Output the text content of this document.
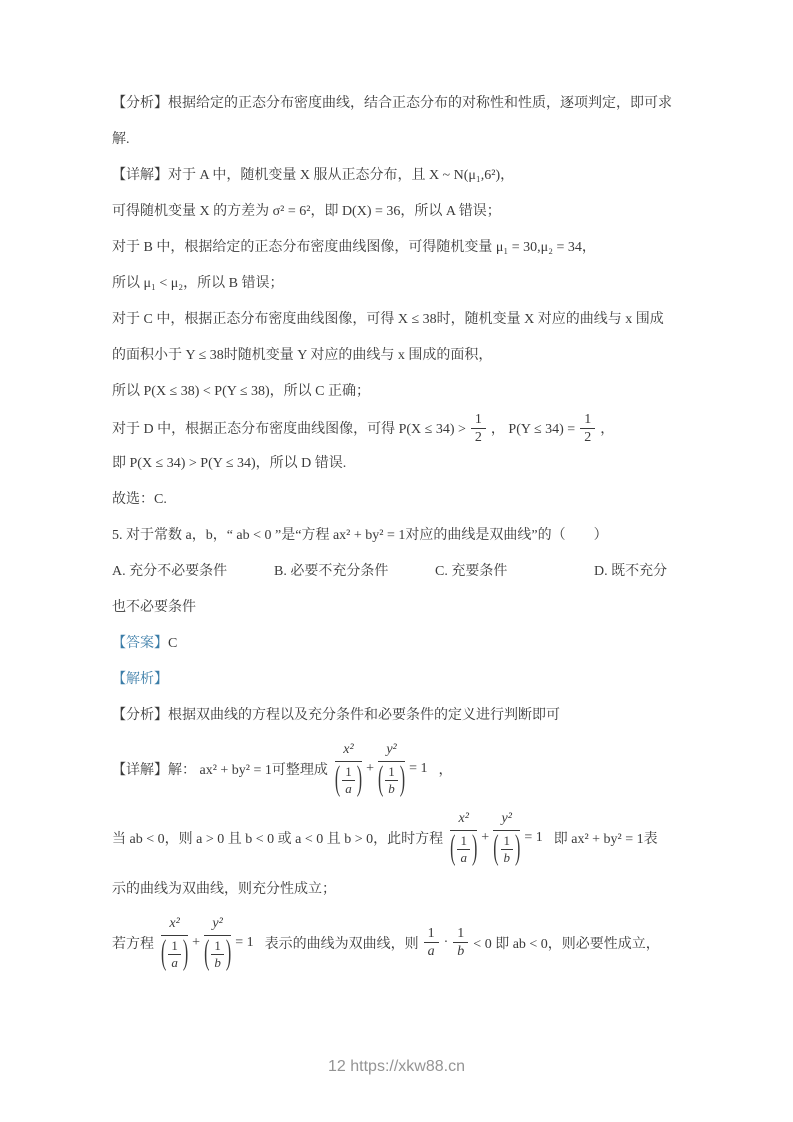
【分析】根据给定的正态分布密度曲线，结合正态分布的对称性和性质，逐项判定，即可求
解.
【详解】对于 A 中，随机变量 X 服从正态分布，且 X ~ N(μ₁,6²)，
可得随机变量 X 的方差为 σ² = 6²，即 D(X) = 36，所以 A 错误；
对于 B 中，根据给定的正态分布密度曲线图像，可得随机变量 μ₁ = 30,μ₂ = 34，
所以 μ₁ < μ₂，所以 B 错误；
对于 C 中，根据正态分布密度曲线图像，可得 X ≤ 38时，随机变量 X 对应的曲线与 x 围成
的面积小于 Y ≤ 38时随机变量 Y 对应的曲线与 x 围成的面积，
所以 P(X ≤ 38) < P(Y ≤ 38)，所以 C 正确；
对于 D 中，根据正态分布密度曲线图像，可得 P(X ≤ 34) >
1
2 ， $P(Y \le 34) = \frac{1}{2}$ ，
即 P(X ≤ 34) > P(Y ≤ 34)，所以 D 错误.
故选：C.
5. 对于常数 a，b，“ ab < 0 ”是“方程 ax² + by² = 1对应的曲线是双曲线”的（　　）
A. 充分不必要条件	B. 必要不充分条件	C. 充要条件	D. 既不充分也不必要条件
【答案】C
【解析】
【分析】根据双曲线的方程以及充分条件和必要条件的定义进行判断即可
【详解】 解： ax² + by² = 1可整理成 x²
( 1
a ) + y²
( 1
b ) = 1 ，
当 ab < 0，则 a > 0 且 b < 0 或 a < 0 且 b > 0，此时方程 x²
( 1
a ) + y²
( 1
b ) = 1 即 ax² + by² = 1表
示的曲线为双曲线，则充分性成立；
若方程 x²
( 1
a ) + y²
( 1
b ) = 1 表示的曲线为双曲线，则
1
a
·
1
b < 0 即 ab < 0，则必要性成立，
12 https://xkw88.cn
